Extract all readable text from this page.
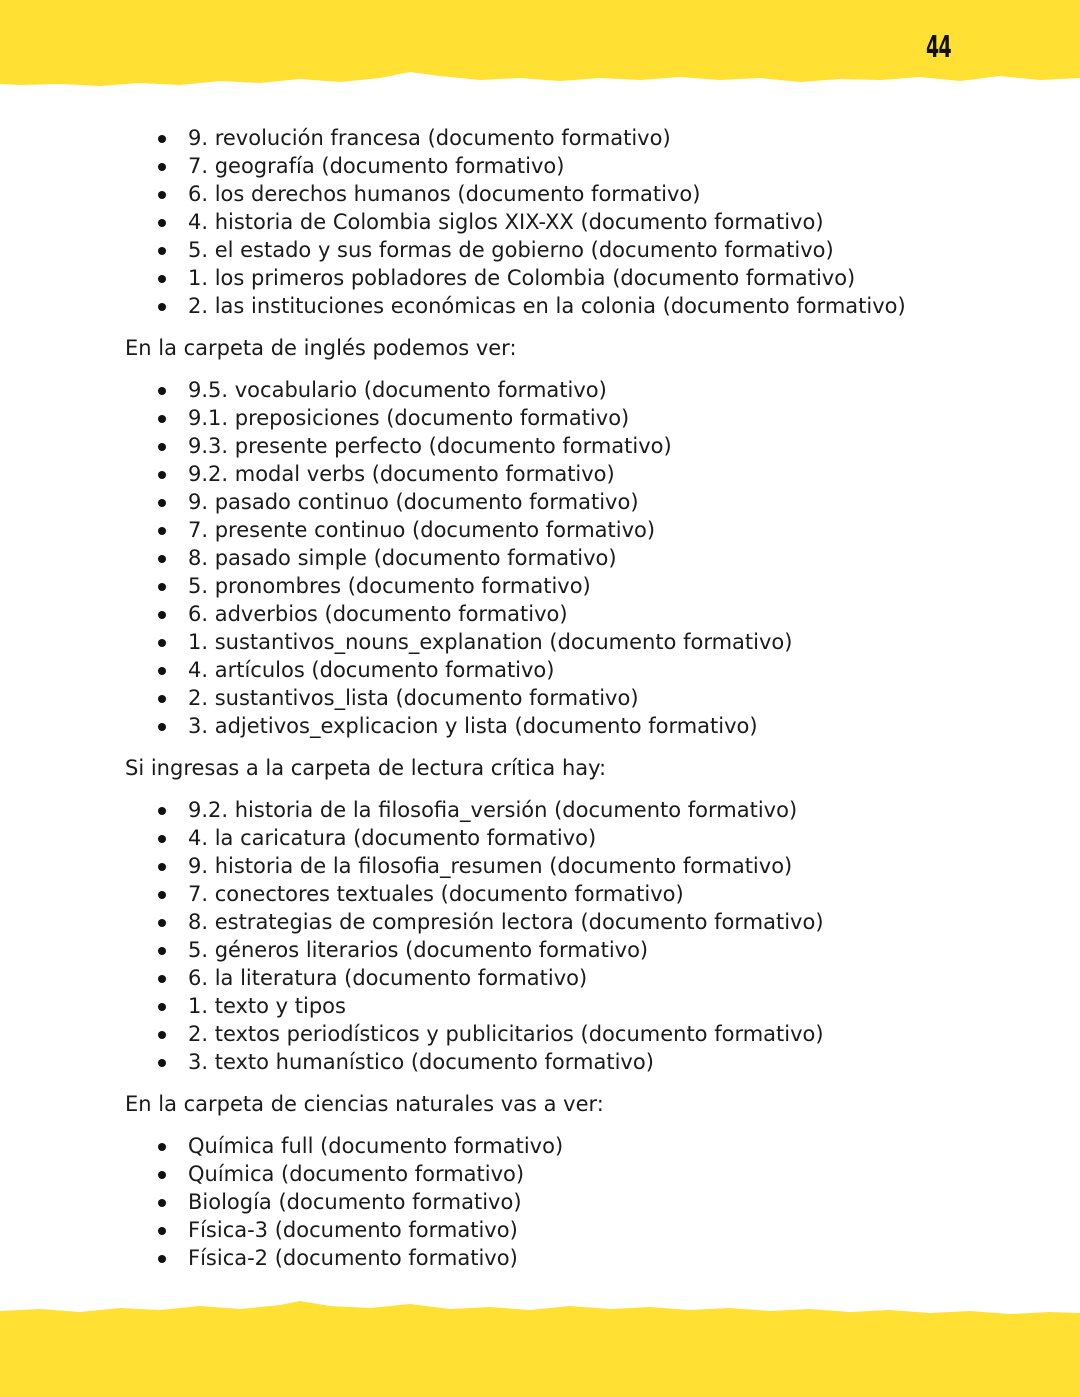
44
9. revolución francesa (documento formativo)
7. geografía (documento formativo)
6. los derechos humanos (documento formativo)
4. historia de Colombia siglos XIX-XX (documento formativo)
5. el estado y sus formas de gobierno (documento formativo)
1. los primeros pobladores de Colombia (documento formativo)
2. las instituciones económicas en la colonia (documento formativo)

En la carpeta de inglés podemos ver:

9.5. vocabulario (documento formativo)
9.1. preposiciones (documento formativo)
9.3. presente perfecto (documento formativo)
9.2. modal verbs (documento formativo)
9. pasado continuo (documento formativo)
7. presente continuo (documento formativo)
8. pasado simple (documento formativo)
5. pronombres (documento formativo)
6. adverbios (documento formativo)
1. sustantivos_nouns_explanation (documento formativo)
4. artículos (documento formativo)
2. sustantivos_lista (documento formativo)
3. adjetivos_explicacion y lista (documento formativo)

Si ingresas a la carpeta de lectura crítica hay:

9.2. historia de la filosofia_versión (documento formativo)
4. la caricatura (documento formativo)
9. historia de la filosofia_resumen (documento formativo)
7. conectores textuales (documento formativo)
8. estrategias de compresión lectora (documento formativo)
5. géneros literarios (documento formativo)
6. la literatura (documento formativo)
1. texto y tipos
2. textos periodísticos y publicitarios (documento formativo)
3. texto humanístico (documento formativo)

En la carpeta de ciencias naturales vas a ver:

Química full (documento formativo)
Química (documento formativo)
Biología (documento formativo)
Física-3 (documento formativo)
Física-2 (documento formativo)
